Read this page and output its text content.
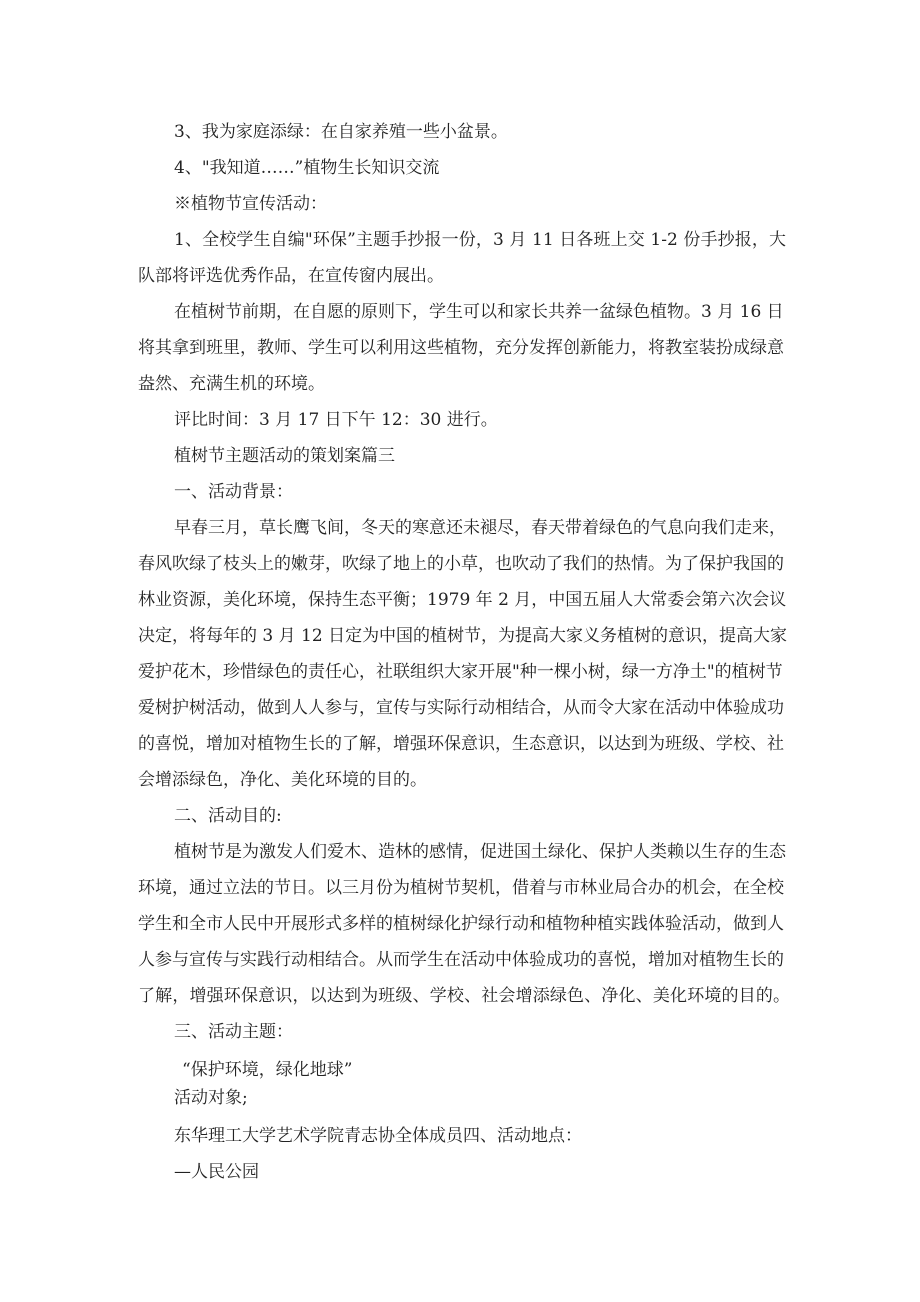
3、我为家庭添绿：在自家养殖一些小盆景。
4、"我知道……”植物生长知识交流
※植物节宣传活动：
1、全校学生自编"环保”主题手抄报一份，3 月 11 日各班上交 1-2 份手抄报，大
队部将评选优秀作品，在宣传窗内展出。
在植树节前期，在自愿的原则下，学生可以和家长共养一盆绿色植物。3 月 16 日
将其拿到班里，教师、学生可以利用这些植物，充分发挥创新能力，将教室装扮成绿意
盎然、充满生机的环境。
评比时间：3 月 17 日下午 12：30 进行。
植树节主题活动的策划案篇三
一、活动背景：
早春三月，草长鹰飞间，冬天的寒意还未褪尽，春天带着绿色的气息向我们走来，
春风吹绿了枝头上的嫩芽，吹绿了地上的小草，也吹动了我们的热情。为了保护我国的
林业资源，美化环境，保持生态平衡；1979 年 2 月，中国五届人大常委会第六次会议
决定，将每年的 3 月 12 日定为中国的植树节，为提高大家义务植树的意识，提高大家
爱护花木，珍惜绿色的责任心，社联组织大家开展"种一棵小树，绿一方净土"的植树节
爱树护树活动，做到人人参与，宣传与实际行动相结合，从而令大家在活动中体验成功
的喜悦，增加对植物生长的了解，增强环保意识，生态意识，以达到为班级、学校、社
会增添绿色，净化、美化环境的目的。
二、活动目的:
植树节是为激发人们爱木、造林的感情，促进国土绿化、保护人类赖以生存的生态
环境，通过立法的节日。以三月份为植树节契机，借着与市林业局合办的机会，在全校
学生和全市人民中开展形式多样的植树绿化护绿行动和植物种植实践体验活动，做到人
人参与宣传与实践行动相结合。从而学生在活动中体验成功的喜悦，增加对植物生长的
了解，增强环保意识，以达到为班级、学校、社会增添绿色、净化、美化环境的目的。
三、活动主题：
“保护环境，绿化地球”
活动对象;
东华理工大学艺术学院青志协全体成员四、活动地点：
—人民公园
